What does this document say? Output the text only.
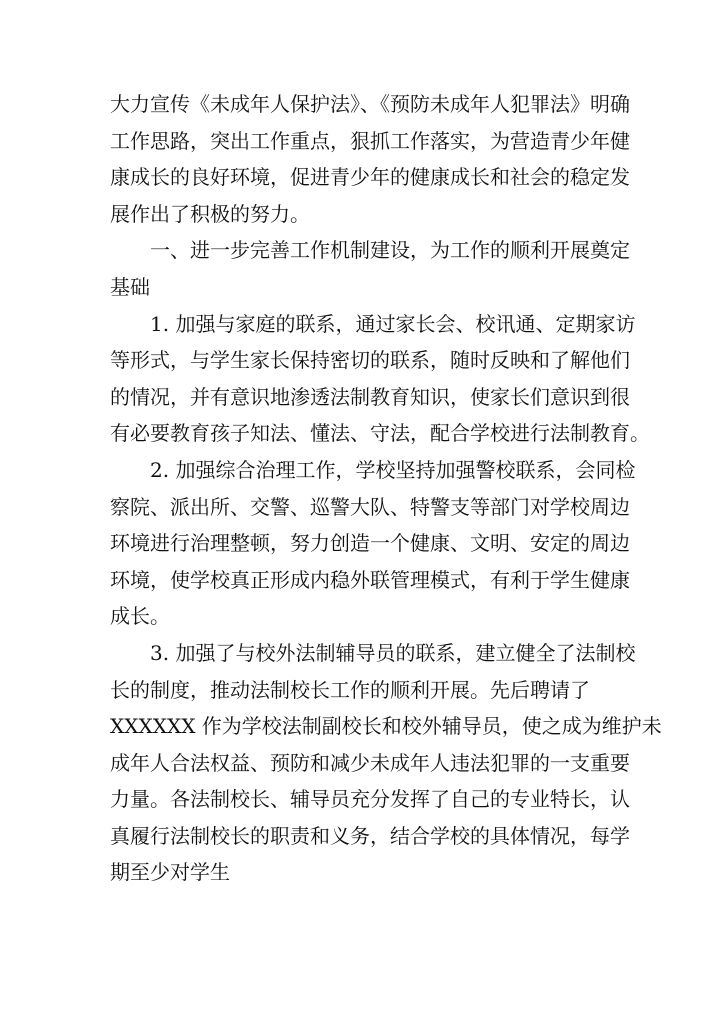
大力宣传《未成年人保护法》、《预防未成年人犯罪法》明确
工作思路，突出工作重点，狠抓工作落实，为营造青少年健
康成长的良好环境，促进青少年的健康成长和社会的稳定发
展作出了积极的努力。
一、进一步完善工作机制建设，为工作的顺利开展奠定
基础
1. 加强与家庭的联系，通过家长会、校讯通、定期家访
等形式，与学生家长保持密切的联系，随时反映和了解他们
的情况，并有意识地渗透法制教育知识，使家长们意识到很
有必要教育孩子知法、懂法、守法，配合学校进行法制教育。
2. 加强综合治理工作，学校坚持加强警校联系，会同检
察院、派出所、交警、巡警大队、特警支等部门对学校周边
环境进行治理整顿，努力创造一个健康、文明、安定的周边
环境，使学校真正形成内稳外联管理模式，有利于学生健康
成长。
3. 加强了与校外法制辅导员的联系，建立健全了法制校
长的制度，推动法制校长工作的顺利开展。先后聘请了
XXXXXX 作为学校法制副校长和校外辅导员，使之成为维护未
成年人合法权益、预防和减少未成年人违法犯罪的一支重要
力量。各法制校长、辅导员充分发挥了自己的专业特长，认
真履行法制校长的职责和义务，结合学校的具体情况，每学
期至少对学生
